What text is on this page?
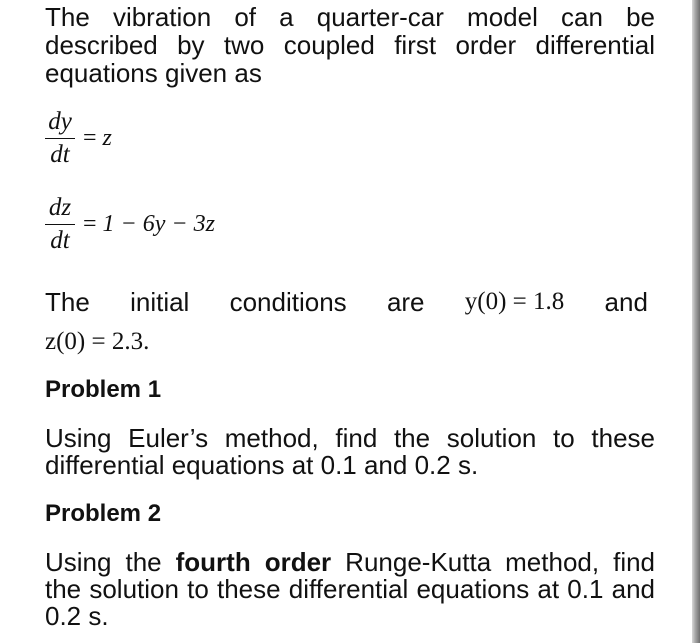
The vibration of a quarter-car model can be described by two coupled first order differential equations given as
dy
dt
= z
dz
dt
= 1 − 6y − 3z
The initial conditions are y(0) = 1.8 and
z(0) = 2.3.
Problem 1
Using Euler’s method, find the solution to these differential equations at 0.1 and 0.2 s.
Problem 2
Using the fourth order Runge-Kutta method, find the solution to these differential equations at 0.1 and 0.2 s.
